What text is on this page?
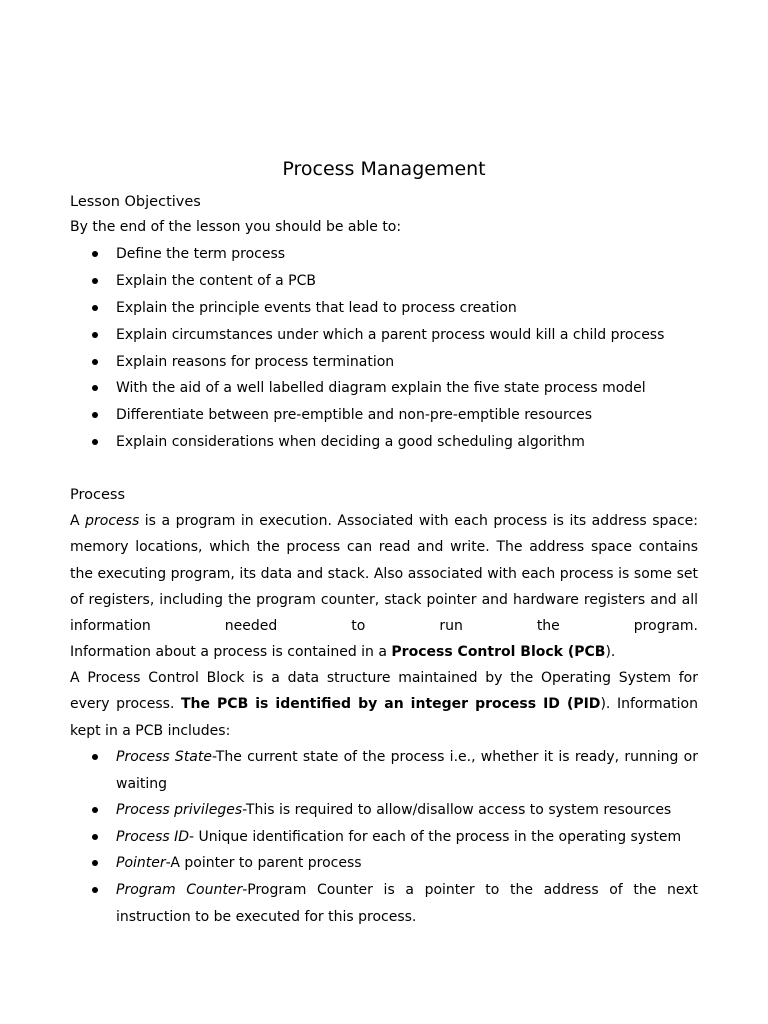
Process Management
Lesson Objectives
By the end of the lesson you should be able to:
Define the term process
Explain the content of a PCB
Explain the principle events that lead to process creation
Explain circumstances under which a parent process would kill a child process
Explain reasons for process termination
With the aid of a well labelled diagram explain the five state process model
Differentiate between pre-emptible and non-pre-emptible resources
Explain considerations when deciding a good scheduling algorithm
Process
A process is a program in execution. Associated with each process is its address space: memory locations, which the process can read and write. The address space contains the executing program, its data and stack. Also associated with each process is some set of registers, including the program counter, stack pointer and hardware registers and all information needed to run the program.
Information about a process is contained in a Process Control Block (PCB).
A Process Control Block is a data structure maintained by the Operating System for every process. The PCB is identified by an integer process ID (PID). Information kept in a PCB includes:
Process State-The current state of the process i.e., whether it is ready, running or waiting
Process privileges-This is required to allow/disallow access to system resources
Process ID- Unique identification for each of the process in the operating system
Pointer-A pointer to parent process
Program Counter-Program Counter is a pointer to the address of the next instruction to be executed for this process.
